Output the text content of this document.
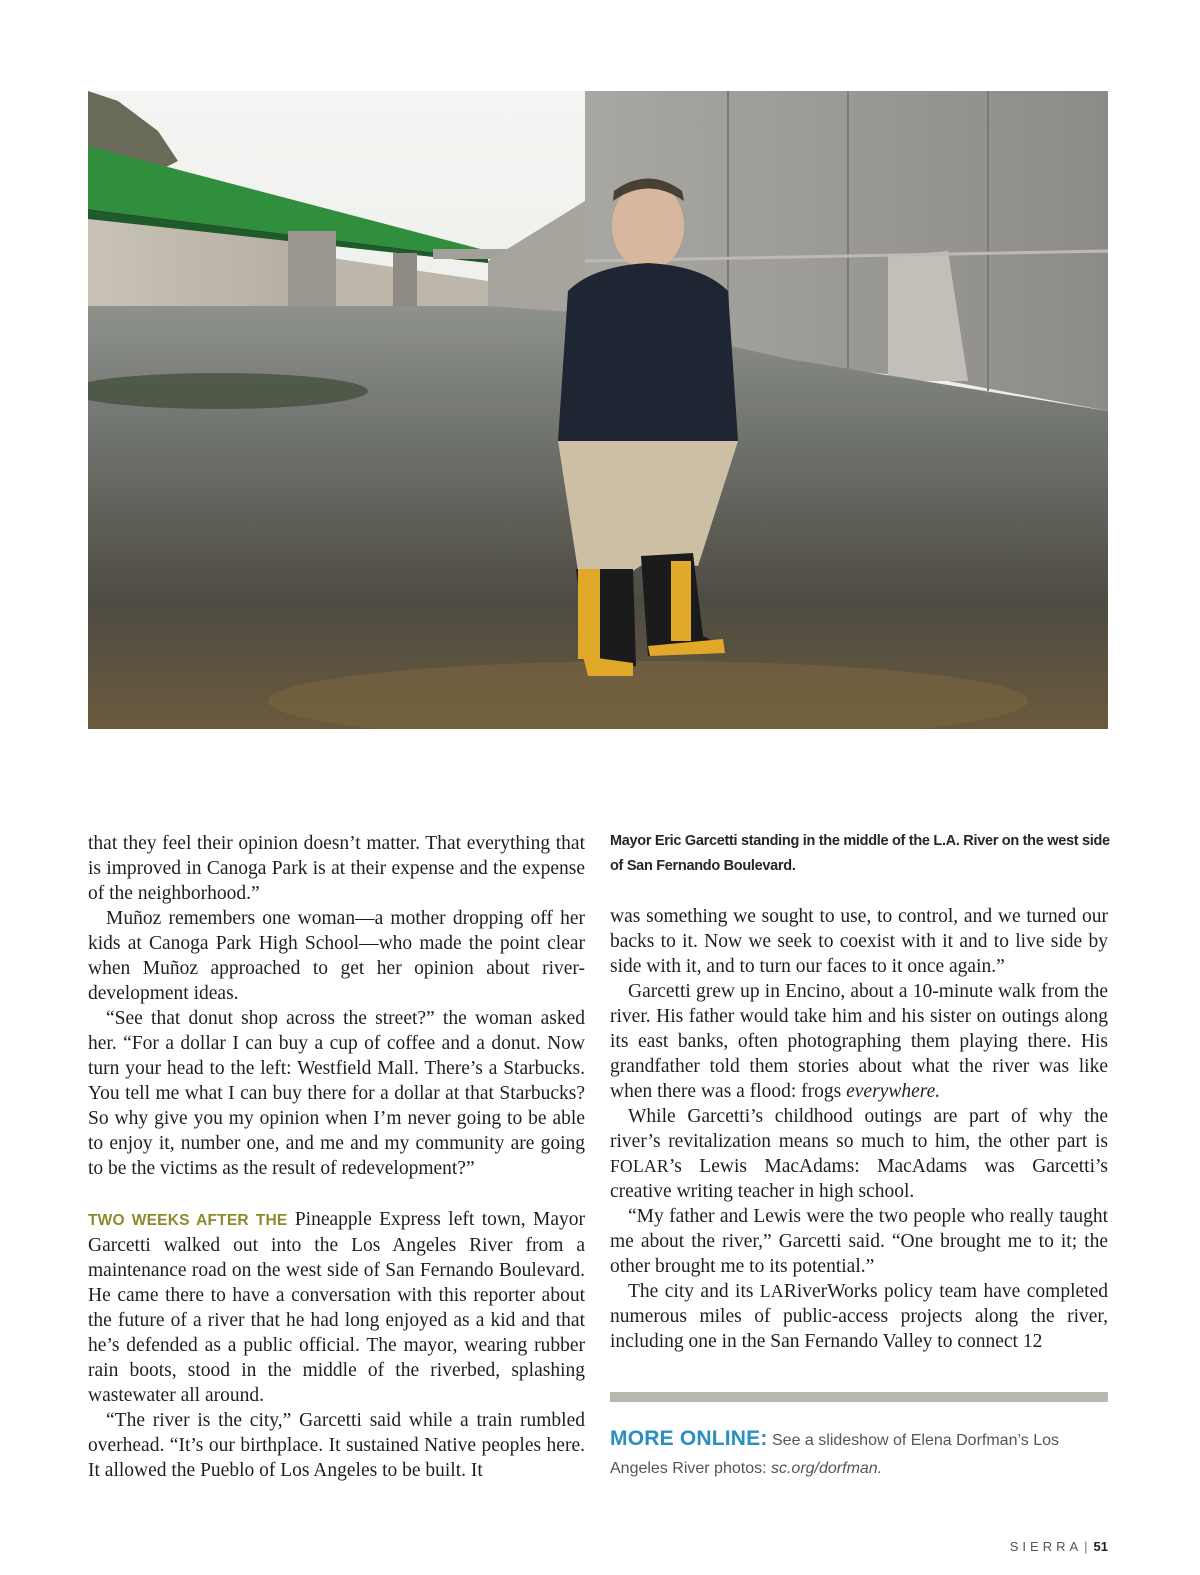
Mayor Eric Garcetti standing in the middle of the L.A. River on the west side of San Fernando Boulevard.

that they feel their opinion doesn’t matter. That everything that is improved in Canoga Park is at their expense and the expense of the neighborhood.”

Muñoz remembers one woman—a mother dropping off her kids at Canoga Park High School—who made the point clear when Muñoz approached to get her opinion about river-development ideas.

“See that donut shop across the street?” the woman asked her. “For a dollar I can buy a cup of coffee and a donut. Now turn your head to the left: Westfield Mall. There’s a Starbucks. You tell me what I can buy there for a dollar at that Starbucks? So why give you my opinion when I’m never going to be able to enjoy it, number one, and me and my community are going to be the victims as the result of redevelopment?”

TWO WEEKS AFTER THE Pineapple Express left town, Mayor Garcetti walked out into the Los Angeles River from a maintenance road on the west side of San Fernando Boulevard. He came there to have a conversation with this reporter about the future of a river that he had long enjoyed as a kid and that he’s defended as a public official. The mayor, wearing rubber rain boots, stood in the middle of the riverbed, splashing wastewater all around.

“The river is the city,” Garcetti said while a train rumbled overhead. “It’s our birthplace. It sustained Native peoples here. It allowed the Pueblo of Los Angeles to be built. It

was something we sought to use, to control, and we turned our backs to it. Now we seek to coexist with it and to live side by side with it, and to turn our faces to it once again.”

Garcetti grew up in Encino, about a 10-minute walk from the river. His father would take him and his sister on outings along its east banks, often photographing them playing there. His grandfather told them stories about what the river was like when there was a flood: frogs everywhere.

While Garcetti’s childhood outings are part of why the river’s revitalization means so much to him, the other part is FOLAR’s Lewis MacAdams: MacAdams was Garcetti’s creative writing teacher in high school.

“My father and Lewis were the two people who really taught me about the river,” Garcetti said. “One brought me to it; the other brought me to its potential.”

The city and its LARiverWorks policy team have completed numerous miles of public-access projects along the river, including one in the San Fernando Valley to connect 12

MORE ONLINE: See a slideshow of Elena Dorfman’s Los Angeles River photos: sc.org/dorfman.
SIERRA | 51
